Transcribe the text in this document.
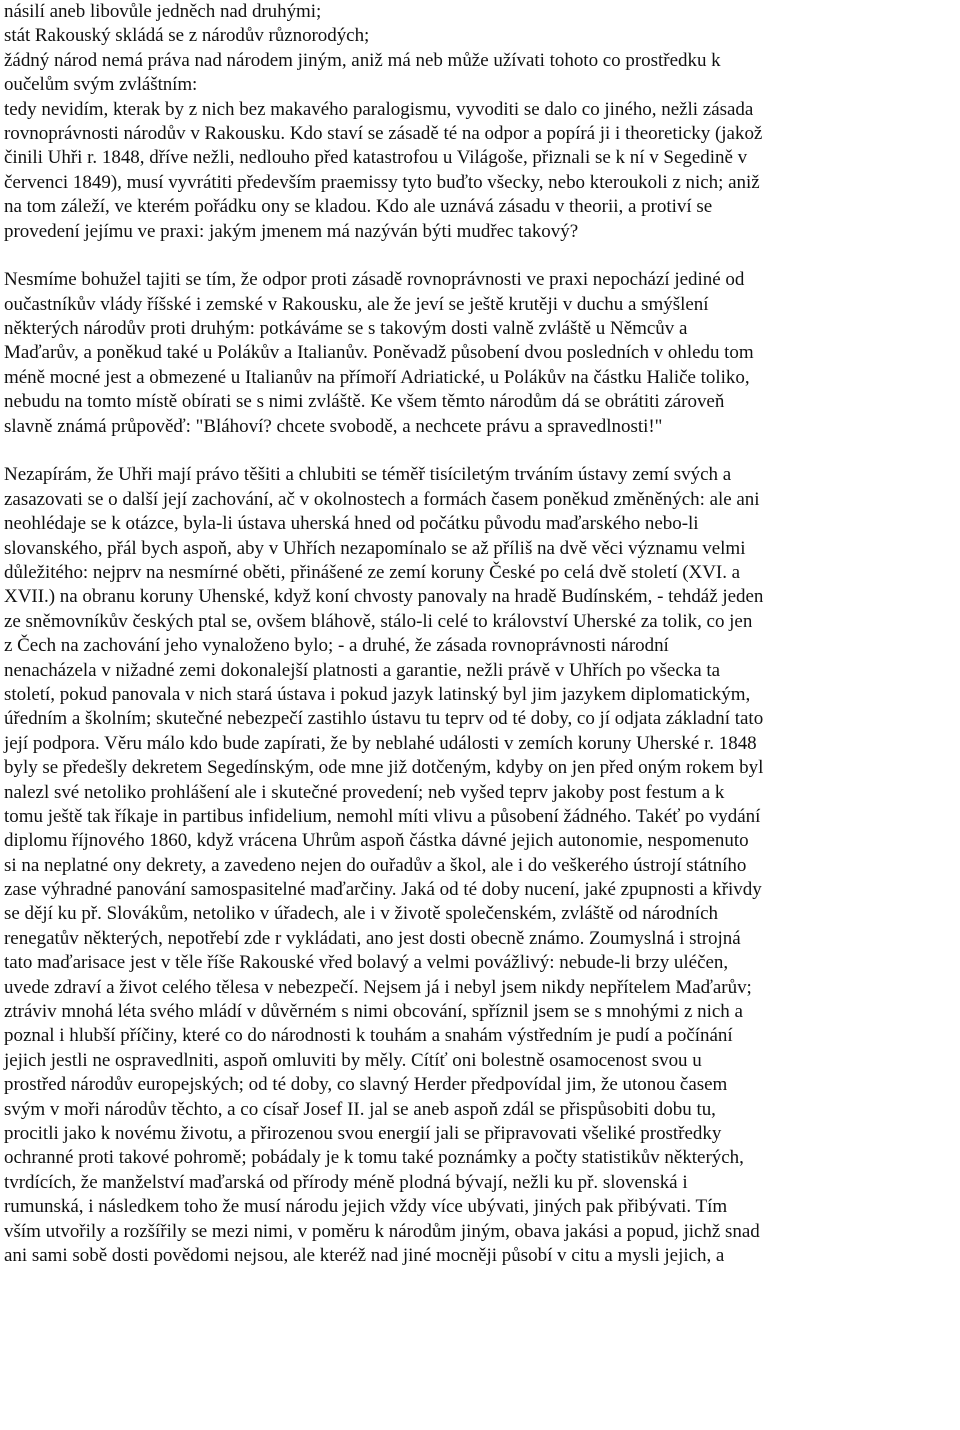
násilí aneb libovůle jedněch nad druhými;
stát Rakouský skládá se z národův různorodých;
žádný národ nemá práva nad národem jiným, aniž má neb může užívati tohoto co prostředku k
oučelům svým zvláštním:
tedy nevidím, kterak by z nich bez makavého paralogismu, vyvoditi se dalo co jiného, nežli zásada
rovnoprávnosti národův v Rakousku. Kdo staví se zásadě té na odpor a popírá ji i theoreticky (jakož
činili Uhři r. 1848, dříve nežli, nedlouho před katastrofou u Világoše, přiznali se k ní v Segedině v
červenci 1849), musí vyvrátiti především praemissy tyto buďto všecky, nebo kteroukoli z nich; aniž
na tom záleží, ve kterém pořádku ony se kladou. Kdo ale uznává zásadu v theorii, a protiví se
provedení jejímu ve praxi: jakým jmenem má nazýván býti mudřec takový?
Nesmíme bohužel tajiti se tím, že odpor proti zásadě rovnoprávnosti ve praxi nepochází jediné od
oučastníkův vlády říšské i zemské v Rakousku, ale že jeví se ještě krutěji v duchu a smýšlení
některých národův proti druhým: potkáváme se s takovým dosti valně zvláště u Němcův a
Maďarův, a poněkud také u Polákův a Italianův. Poněvadž působení dvou posledních v ohledu tom
méně mocné jest a obmezené u Italianův na přímoří Adriatické, u Polákův na částku Haliče toliko,
nebudu na tomto místě obírati se s nimi zvláště. Ke všem těmto národům dá se obrátiti zároveň
slavně známá průpověď: "Bláhoví? chcete svobodě, a nechcete právu a spravedlnosti!"
Nezapírám, že Uhři mají právo těšiti a chlubiti se téměř tisíciletým trváním ústavy zemí svých a
zasazovati se o další její zachování, ač v okolnostech a formách časem poněkud změněných: ale ani
neohlédaje se k otázce, byla-li ústava uherská hned od počátku původu maďarského nebo-li
slovanského, přál bych aspoň, aby v Uhřích nezapomínalo se až příliš na dvě věci významu velmi
důležitého: nejprv na nesmírné oběti, přinášené ze zemí koruny České po celá dvě století (XVI. a
XVII.) na obranu koruny Uhenské, když koní chvosty panovaly na hradě Budínském, - tehdáž jeden
ze sněmovníkův českých ptal se, ovšem bláhově, stálo-li celé to království Uherské za tolik, co jen
z Čech na zachování jeho vynaloženo bylo; - a druhé, že zásada rovnoprávnosti národní
nenacházela v nižadné zemi dokonalejší platnosti a garantie, nežli právě v Uhřích po všecka ta
století, pokud panovala v nich stará ústava i pokud jazyk latinský byl jim jazykem diplomatickým,
úředním a školním; skutečné nebezpečí zastihlo ústavu tu teprv od té doby, co jí odjata základní tato
její podpora. Věru málo kdo bude zapírati, že by neblahé události v zemích koruny Uherské r. 1848
byly se předešly dekretem Segedínským, ode mne již dotčeným, kdyby on jen před oným rokem byl
nalezl své netoliko prohlášení ale i skutečné provedení; neb vyšed teprv jakoby post festum a k
tomu ještě tak říkaje in partibus infidelium, nemohl míti vlivu a působení žádného. Takéť po vydání
diplomu říjnového 1860, když vrácena Uhrům aspoň částka dávné jejich autonomie, nespomenuto
si na neplatné ony dekrety, a zavedeno nejen do ouřadův a škol, ale i do veškerého ústrojí státního
zase výhradné panování samospasitelné maďarčiny. Jaká od té doby nucení, jaké zpupnosti a křivdy
se dějí ku př. Slovákům, netoliko v úřadech, ale i v životě společenském, zvláště od národních
renegatův některých, nepotřebí zde r vykládati, ano jest dosti obecně známo. Zoumyslná i strojná
tato maďarisace jest v těle říše Rakouské vřed bolavý a velmi povážlivý: nebude-li brzy uléčen,
uvede zdraví a život celého tělesa v nebezpečí. Nejsem já i nebyl jsem nikdy nepřítelem Maďarův;
ztráviv mnohá léta svého mládí v důvěrném s nimi obcování, spříznil jsem se s mnohými z nich a
poznal i hlubší příčiny, které co do národnosti k touhám a snahám výstředním je pudí a počínání
jejich jestli ne ospravedlniti, aspoň omluviti by měly. Cítíť oni bolestně osamocenost svou u
prostřed národův europejských; od té doby, co slavný Herder předpovídal jim, že utonou časem
svým v moři národův těchto, a co císař Josef II. jal se aneb aspoň zdál se přispůsobiti dobu tu,
procitli jako k novému životu, a přirozenou svou energií jali se připravovati všeliké prostředky
ochranné proti takové pohromě; pobádaly je k tomu také poznámky a počty statistikův některých,
tvrdících, že manželství maďarská od přírody méně plodná bývají, nežli ku př. slovenská i
rumunská, i následkem toho že musí národu jejich vždy více ubývati, jiných pak přibývati. Tím
vším utvořily a rozšířily se mezi nimi, v poměru k národům jiným, obava jakási a popud, jichž snad
ani sami sobě dosti povědomi nejsou, ale kteréž nad jiné mocněji působí v citu a mysli jejich, a
